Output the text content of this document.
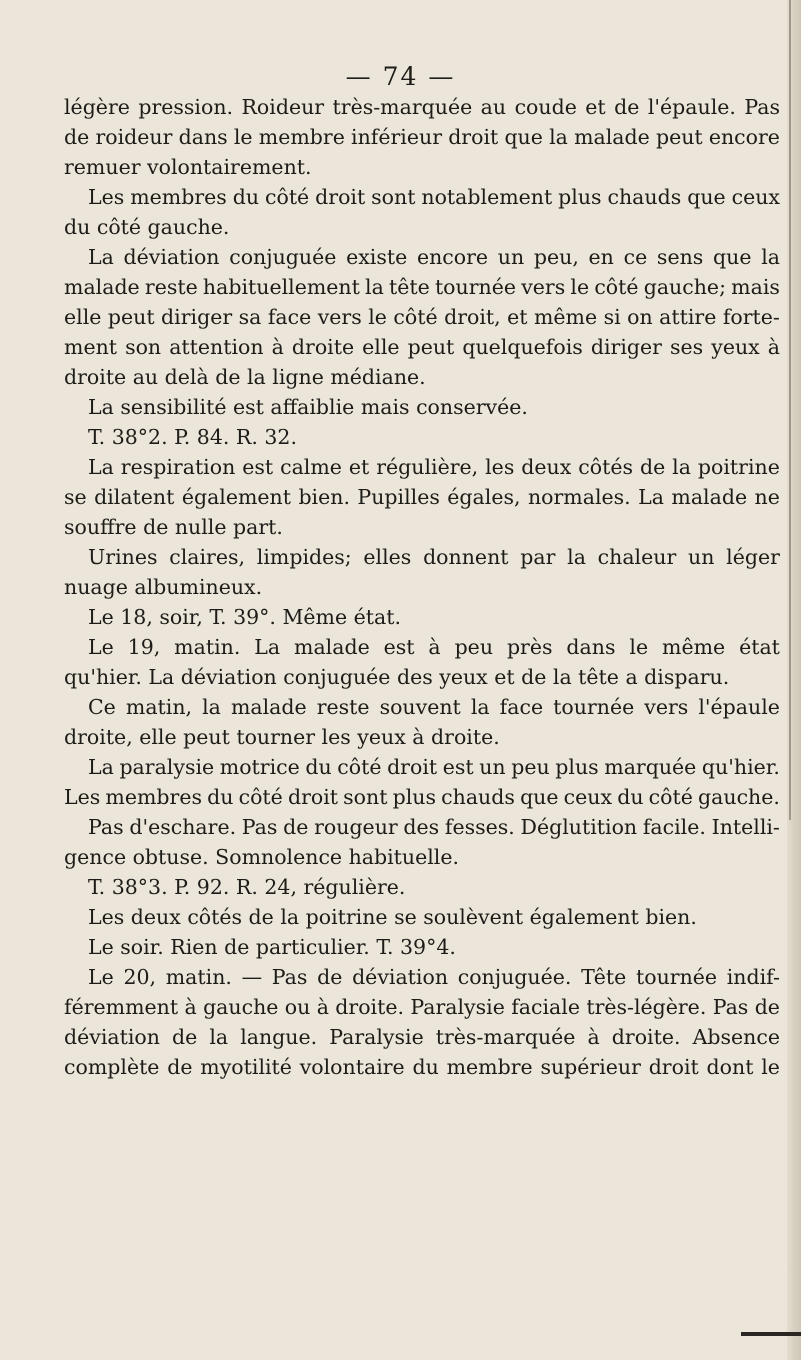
— 74 —
légère pression. Roideur très-marquée au coude et de l'épaule. Pas
de roideur dans le membre inférieur droit que la malade peut encore
remuer volontairement.
Les membres du côté droit sont notablement plus chauds que ceux
du côté gauche.
La déviation conjuguée existe encore un peu, en ce sens que la
malade reste habituellement la tête tournée vers le côté gauche; mais
elle peut diriger sa face vers le côté droit, et même si on attire forte-
ment son attention à droite elle peut quelquefois diriger ses yeux à
droite au delà de la ligne médiane.
La sensibilité est affaiblie mais conservée.
T. 38°2. P. 84. R. 32.
La respiration est calme et régulière, les deux côtés de la poitrine
se dilatent également bien. Pupilles égales, normales. La malade ne
souffre de nulle part.
Urines claires, limpides; elles donnent par la chaleur un léger
nuage albumineux.
Le 18, soir, T. 39°. Même état.
Le 19, matin. La malade est à peu près dans le même état
qu'hier. La déviation conjuguée des yeux et de la tête a disparu.
Ce matin, la malade reste souvent la face tournée vers l'épaule
droite, elle peut tourner les yeux à droite.
La paralysie motrice du côté droit est un peu plus marquée qu'hier.
Les membres du côté droit sont plus chauds que ceux du côté gauche.
Pas d'eschare. Pas de rougeur des fesses. Déglutition facile. Intelli-
gence obtuse. Somnolence habituelle.
T. 38°3. P. 92. R. 24, régulière.
Les deux côtés de la poitrine se soulèvent également bien.
Le soir. Rien de particulier. T. 39°4.
Le 20, matin. — Pas de déviation conjuguée. Tête tournée indif-
féremment à gauche ou à droite. Paralysie faciale très-légère. Pas de
déviation de la langue. Paralysie très-marquée à droite. Absence
complète de myotilité volontaire du membre supérieur droit dont le
